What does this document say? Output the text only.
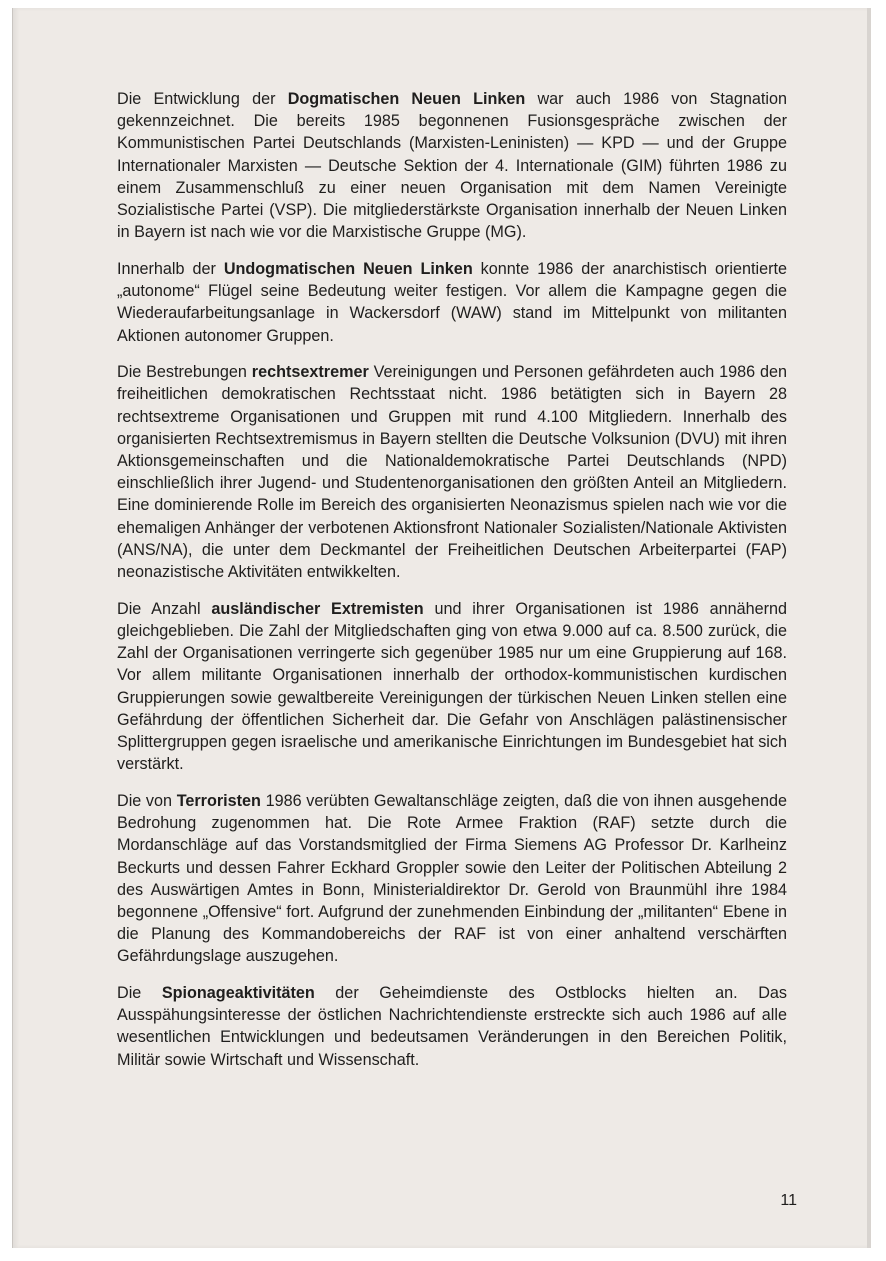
Die Entwicklung der Dogmatischen Neuen Linken war auch 1986 von Stagnation gekennzeichnet. Die bereits 1985 begonnenen Fusionsgespräche zwischen der Kommunistischen Partei Deutschlands (Marxisten-Leninisten) — KPD — und der Gruppe Internationaler Marxisten — Deutsche Sektion der 4. Internationale (GIM) führten 1986 zu einem Zusammenschluß zu einer neuen Organisation mit dem Namen Vereinigte Sozialistische Partei (VSP). Die mitgliederstärkste Organisation innerhalb der Neuen Linken in Bayern ist nach wie vor die Marxistische Gruppe (MG).

Innerhalb der Undogmatischen Neuen Linken konnte 1986 der anarchistisch orientierte „autonome“ Flügel seine Bedeutung weiter festigen. Vor allem die Kampagne gegen die Wiederaufarbeitungsanlage in Wackersdorf (WAW) stand im Mittelpunkt von militanten Aktionen autonomer Gruppen.

Die Bestrebungen rechtsextremer Vereinigungen und Personen gefährdeten auch 1986 den freiheitlichen demokratischen Rechtsstaat nicht. 1986 betätigten sich in Bayern 28 rechtsextreme Organisationen und Gruppen mit rund 4.100 Mitgliedern. Innerhalb des organisierten Rechtsextremismus in Bayern stellten die Deutsche Volksunion (DVU) mit ihren Aktionsgemeinschaften und die Nationaldemokratische Partei Deutschlands (NPD) einschließlich ihrer Jugend- und Studentenorganisationen den größten Anteil an Mitgliedern. Eine dominierende Rolle im Bereich des organisierten Neonazismus spielen nach wie vor die ehemaligen Anhänger der verbotenen Aktionsfront Nationaler Sozialisten/Nationale Aktivisten (ANS/NA), die unter dem Deckmantel der Freiheitlichen Deutschen Arbeiterpartei (FAP) neonazistische Aktivitäten entwikkelten.

Die Anzahl ausländischer Extremisten und ihrer Organisationen ist 1986 annähernd gleichgeblieben. Die Zahl der Mitgliedschaften ging von etwa 9.000 auf ca. 8.500 zurück, die Zahl der Organisationen verringerte sich gegenüber 1985 nur um eine Gruppierung auf 168. Vor allem militante Organisationen innerhalb der orthodox-kommunistischen kurdischen Gruppierungen sowie gewaltbereite Vereinigungen der türkischen Neuen Linken stellen eine Gefährdung der öffentlichen Sicherheit dar. Die Gefahr von Anschlägen palästinensischer Splittergruppen gegen israelische und amerikanische Einrichtungen im Bundesgebiet hat sich verstärkt.

Die von Terroristen 1986 verübten Gewaltanschläge zeigten, daß die von ihnen ausgehende Bedrohung zugenommen hat. Die Rote Armee Fraktion (RAF) setzte durch die Mordanschläge auf das Vorstandsmitglied der Firma Siemens AG Professor Dr. Karlheinz Beckurts und dessen Fahrer Eckhard Groppler sowie den Leiter der Politischen Abteilung 2 des Auswärtigen Amtes in Bonn, Ministerialdirektor Dr. Gerold von Braunmühl ihre 1984 begonnene „Offensive“ fort. Aufgrund der zunehmenden Einbindung der „militanten“ Ebene in die Planung des Kommandobereichs der RAF ist von einer anhaltend verschärften Gefährdungslage auszugehen.

Die Spionageaktivitäten der Geheimdienste des Ostblocks hielten an. Das Ausspähungsinteresse der östlichen Nachrichtendienste erstreckte sich auch 1986 auf alle wesentlichen Entwicklungen und bedeutsamen Veränderungen in den Bereichen Politik, Militär sowie Wirtschaft und Wissenschaft.

11
